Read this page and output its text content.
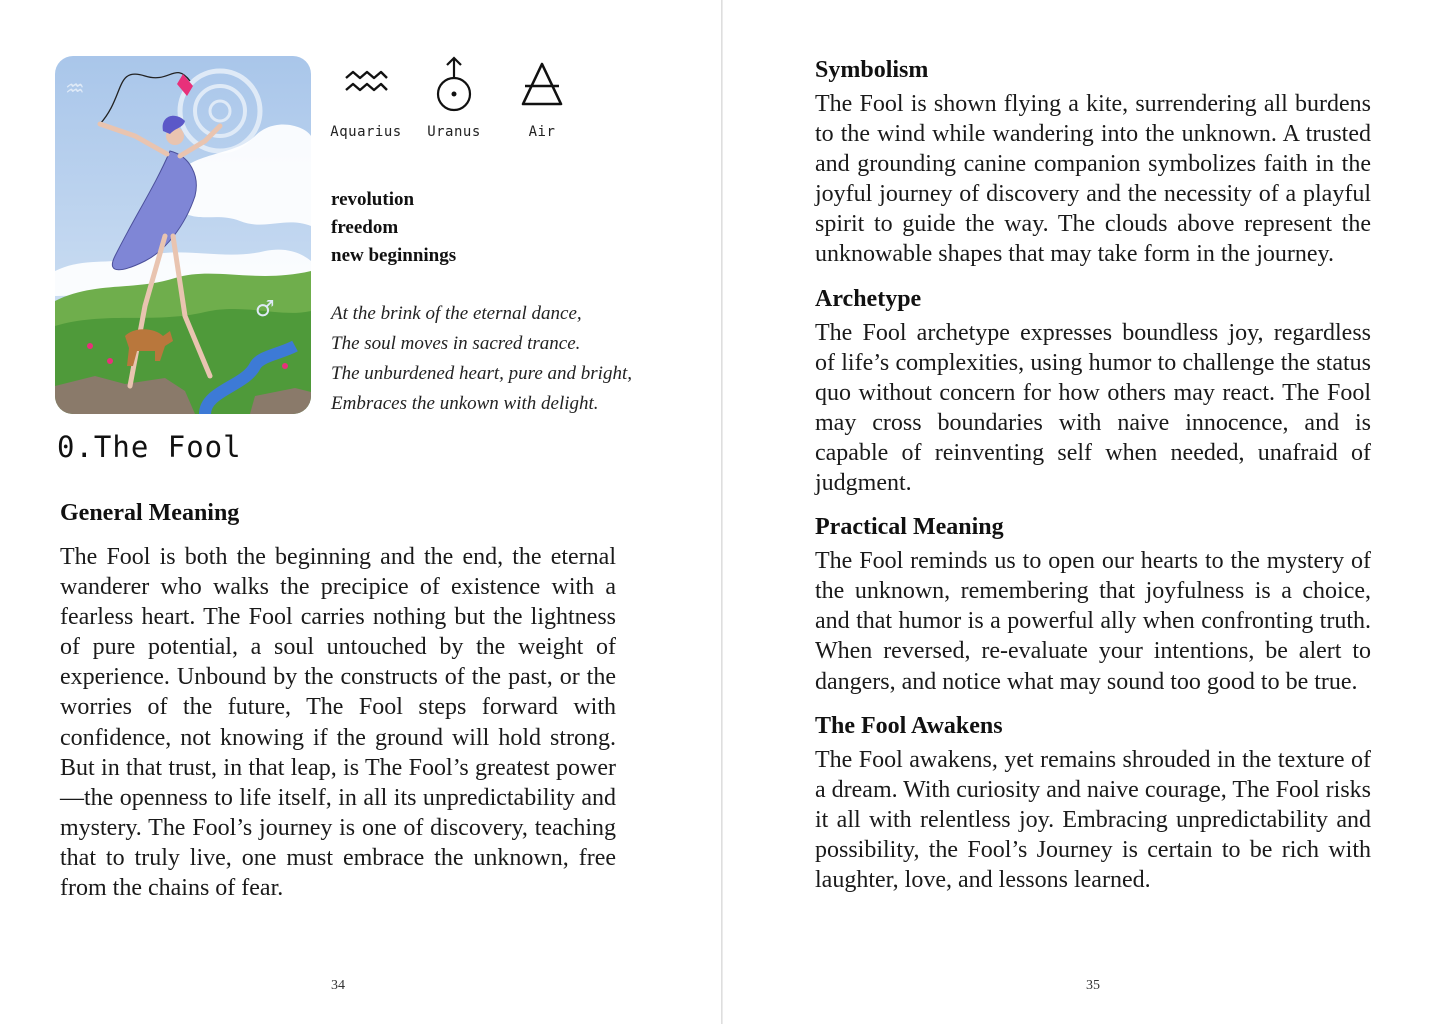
♒
♂
Aquarius	Uranus	Air
revolution
freedom
new beginnings
At the brink of the eternal dance,
The soul moves in sacred trance.
The unburdened heart, pure and bright,
Embraces the unkown with delight.
0.The Fool
General Meaning

The Fool is both the beginning and the end, the eternal wanderer who walks the precipice of existence with a fearless heart. The Fool carries nothing but the lightness of pure potential, a soul untouched by the weight of experience. Unbound by the constructs of the past, or the worries of the future, The Fool steps forward with confidence, not knowing if the ground will hold strong. But in that trust, in that leap, is The Fool’s greatest power—the openness to life itself, in all its unpredictability and mystery. The Fool’s journey is one of discovery, teaching that to truly live, one must embrace the unknown, free from the chains of fear.

34
Symbolism

The Fool is shown flying a kite, surrendering all burdens to the wind while wandering into the unknown. A trusted and grounding canine companion symbolizes faith in the joyful journey of discovery and the necessity of a playful spirit to guide the way. The clouds above represent the unknowable shapes that may take form in the journey.

Archetype

The Fool archetype expresses boundless joy, regardless of life’s complexities, using humor to challenge the status quo without concern for how others may react. The Fool may cross boundaries with naive innocence, and is capable of reinventing self when needed, unafraid of judgment.

Practical Meaning

The Fool reminds us to open our hearts to the mystery of the unknown, remembering that joyfulness is a choice, and that humor is a powerful ally when confronting truth. When reversed, re-evaluate your intentions, be alert to dangers, and notice what may sound too good to be true.

The Fool Awakens

The Fool awakens, yet remains shrouded in the texture of a dream. With curiosity and naive courage, The Fool risks it all with relentless joy. Embracing unpredictability and possibility, the Fool’s Journey is certain to be rich with laughter, love, and lessons learned.

35
